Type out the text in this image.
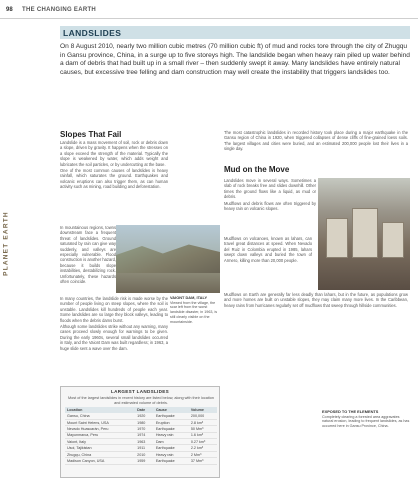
98 THE CHANGING EARTH
PLANET EARTH
LANDSLIDES
On 8 August 2010, nearly two million cubic metres (70 million cubic ft) of mud and rocks tore through the city of Zhugqu in Gansu province, China, in a surge up to five storeys high. The landslide began when heavy rain piled up water behind a dam of debris that had built up in a small river – then suddenly swept it away. Many landslides have entirely natural causes, but excessive tree felling and dam construction may well create the instability that triggers landslides too.
Slopes That Fail

Landslide is a mass movement of soil, rock or debris down a slope, driven by gravity. It happens when the stresses on a slope exceed the strength of the material. Typically the slope is weakened by water, which adds weight and lubricates the soil particles, or by undercutting at the base.

One of the most common causes of landslides is heavy rainfall, which saturates the ground. Earthquakes and volcanic eruptions can also trigger them, as can human activity such as mining, road building and deforestation.

In mountainous regions, towns downstream face a frequent threat of landslides. Ground saturated by rain can give way suddenly, and valleys are especially vulnerable. Flood construction is another hazard, because it builds slope instabilities, destabilizing rock. Unfortunately, these hazards often coincide.

VAIONT DAM, ITALY
Viewed from the village, the scar left from the worst landslide disaster, in 1963, is still clearly visible on the mountainside.

In many countries, the landslide risk is made worse by the number of people living on steep slopes, where the soil is unstable. Landslides kill hundreds of people each year. Some landslides are so large they block valleys, leading to floods when the debris dams burst.

Although some landslides strike without any warning, many cases proceed slowly enough for warnings to be given. During the early 1960s, several small landslides occurred in Italy, and the Vaiont Dam was built regardless; in 1963, a huge slide sent a wave over the dam.

The most catastrophic landslides in recorded history took place during a major earthquake in the Gansu region of China in 1920, when triggered collapses of dense cliffs of fine-grained loess soils. The largest villages and cities were buried, and an estimated 200,000 people lost their lives in a single day.

Mud on the Move

Landslides move in several ways. Sometimes a slab of rock breaks free and slides downhill. Other times the ground flows like a liquid, as mud or debris.

Mudflows and debris flows are often triggered by heavy rain on volcanic slopes.

Mudflows on volcanoes, known as lahars, can travel great distances at speed. When Nevado del Ruiz in Colombia erupted in 1985, lahars swept down valleys and buried the town of Armero, killing more than 20,000 people.

Mudflows on Earth are generally far less deadly than lahars, but in the future, as populations grow and more homes are built on unstable slopes, they may claim many more lives. In the Caribbean, heavy rains from hurricanes regularly set off mudflows that sweep through hillside communities.

EXPOSED TO THE ELEMENTS
Completely clearing a forested area aggravates natural erosion, leading to frequent landslides, as has occurred here in Gansu Province, China.
LARGEST LANDSLIDES
Most of the largest landslides in recent history are listed below, along with their location and estimated volume of debris.
Location	Date	Cause	Volume
Gansu, China	1920	Earthquake	200,000
Mount Saint Helens, USA	1980	Eruption	2.8 km³
Nevado Huascarán, Peru	1970	Earthquake	50 Mm³
Mayunmarca, Peru	1974	Heavy rain	1.6 km³
Vaiont, Italy	1963	Dam	0.27 km³
Usoi, Tajikistan	1911	Earthquake	2.2 km³
Zhugqu, China	2010	Heavy rain	2 Mm³
Madison Canyon, USA	1959	Earthquake	37 Mm³
